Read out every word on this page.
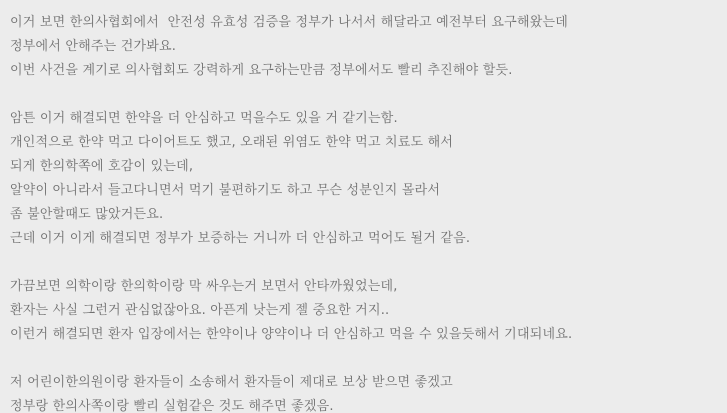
이거 보면 한의사협회에서  안전성 유효성 검증을 정부가 나서서 해달라고 예전부터 요구해왔는데
정부에서 안해주는 건가봐요.
이번 사건을 계기로 의사협회도 강력하게 요구하는만큼 정부에서도 빨리 추진해야 할듯.
암튼 이거 해결되면 한약을 더 안심하고 먹을수도 있을 거 같기는함.
개인적으로 한약 먹고 다이어트도 했고, 오래된 위염도 한약 먹고 치료도 해서
되게 한의학쪽에 호감이 있는데,
알약이 아니라서 들고다니면서 먹기 불편하기도 하고 무슨 성분인지 몰라서
좀 불안할때도 많았거든요.
근데 이거 이게 해결되면 정부가 보증하는 거니까 더 안심하고 먹어도 될거 같음.
가끔보면 의학이랑 한의학이랑 막 싸우는거 보면서 안타까웠었는데,
환자는 사실 그런거 관심없잖아요. 아픈게 낫는게 젤 중요한 거지..
이런거 해결되면 환자 입장에서는 한약이나 양약이나 더 안심하고 먹을 수 있을듯해서 기대되네요.
저 어린이한의원이랑 환자들이 소송해서 환자들이 제대로 보상 받으면 좋겠고
정부랑 한의사쪽이랑 빨리 실험같은 것도 해주면 좋겠음.
